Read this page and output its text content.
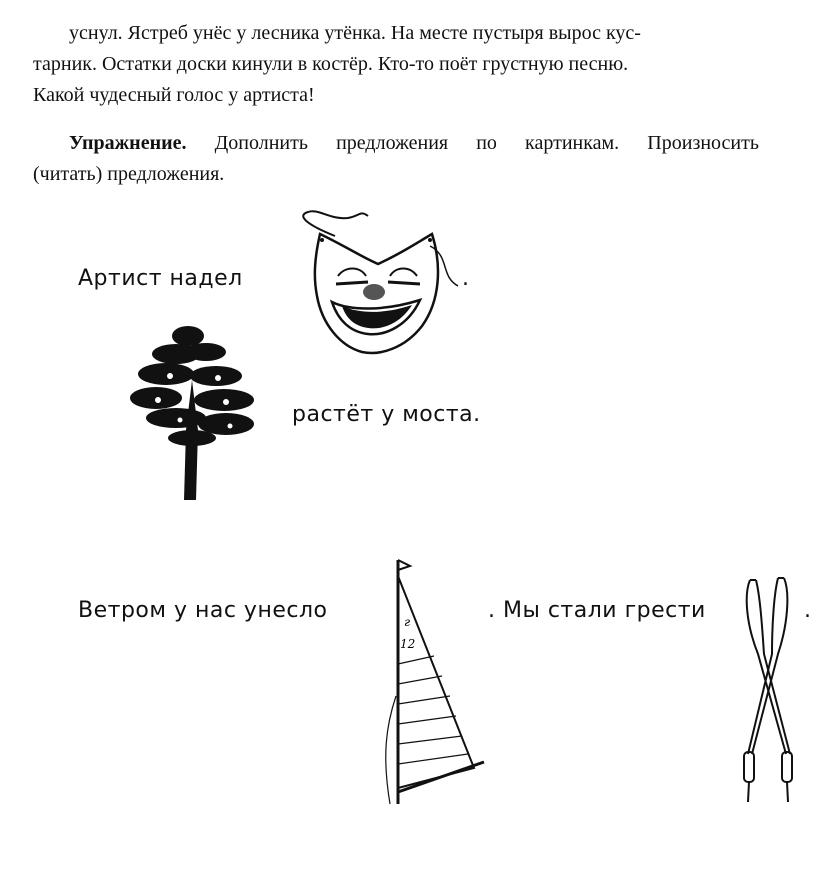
уснул. Ястреб унёс у лесника утёнка. На месте пустыря вырос кус-
тарник. Остатки доски кинули в костёр. Кто-то поёт грустную песню.
Какой чудесный голос у артиста!
Упражнение. Дополнить предложения по картинкам. Произносить
(читать) предложения.
Артист надел	.
растёт у моста.
Ветром у нас унесло	г
12
. Мы стали грести	.
